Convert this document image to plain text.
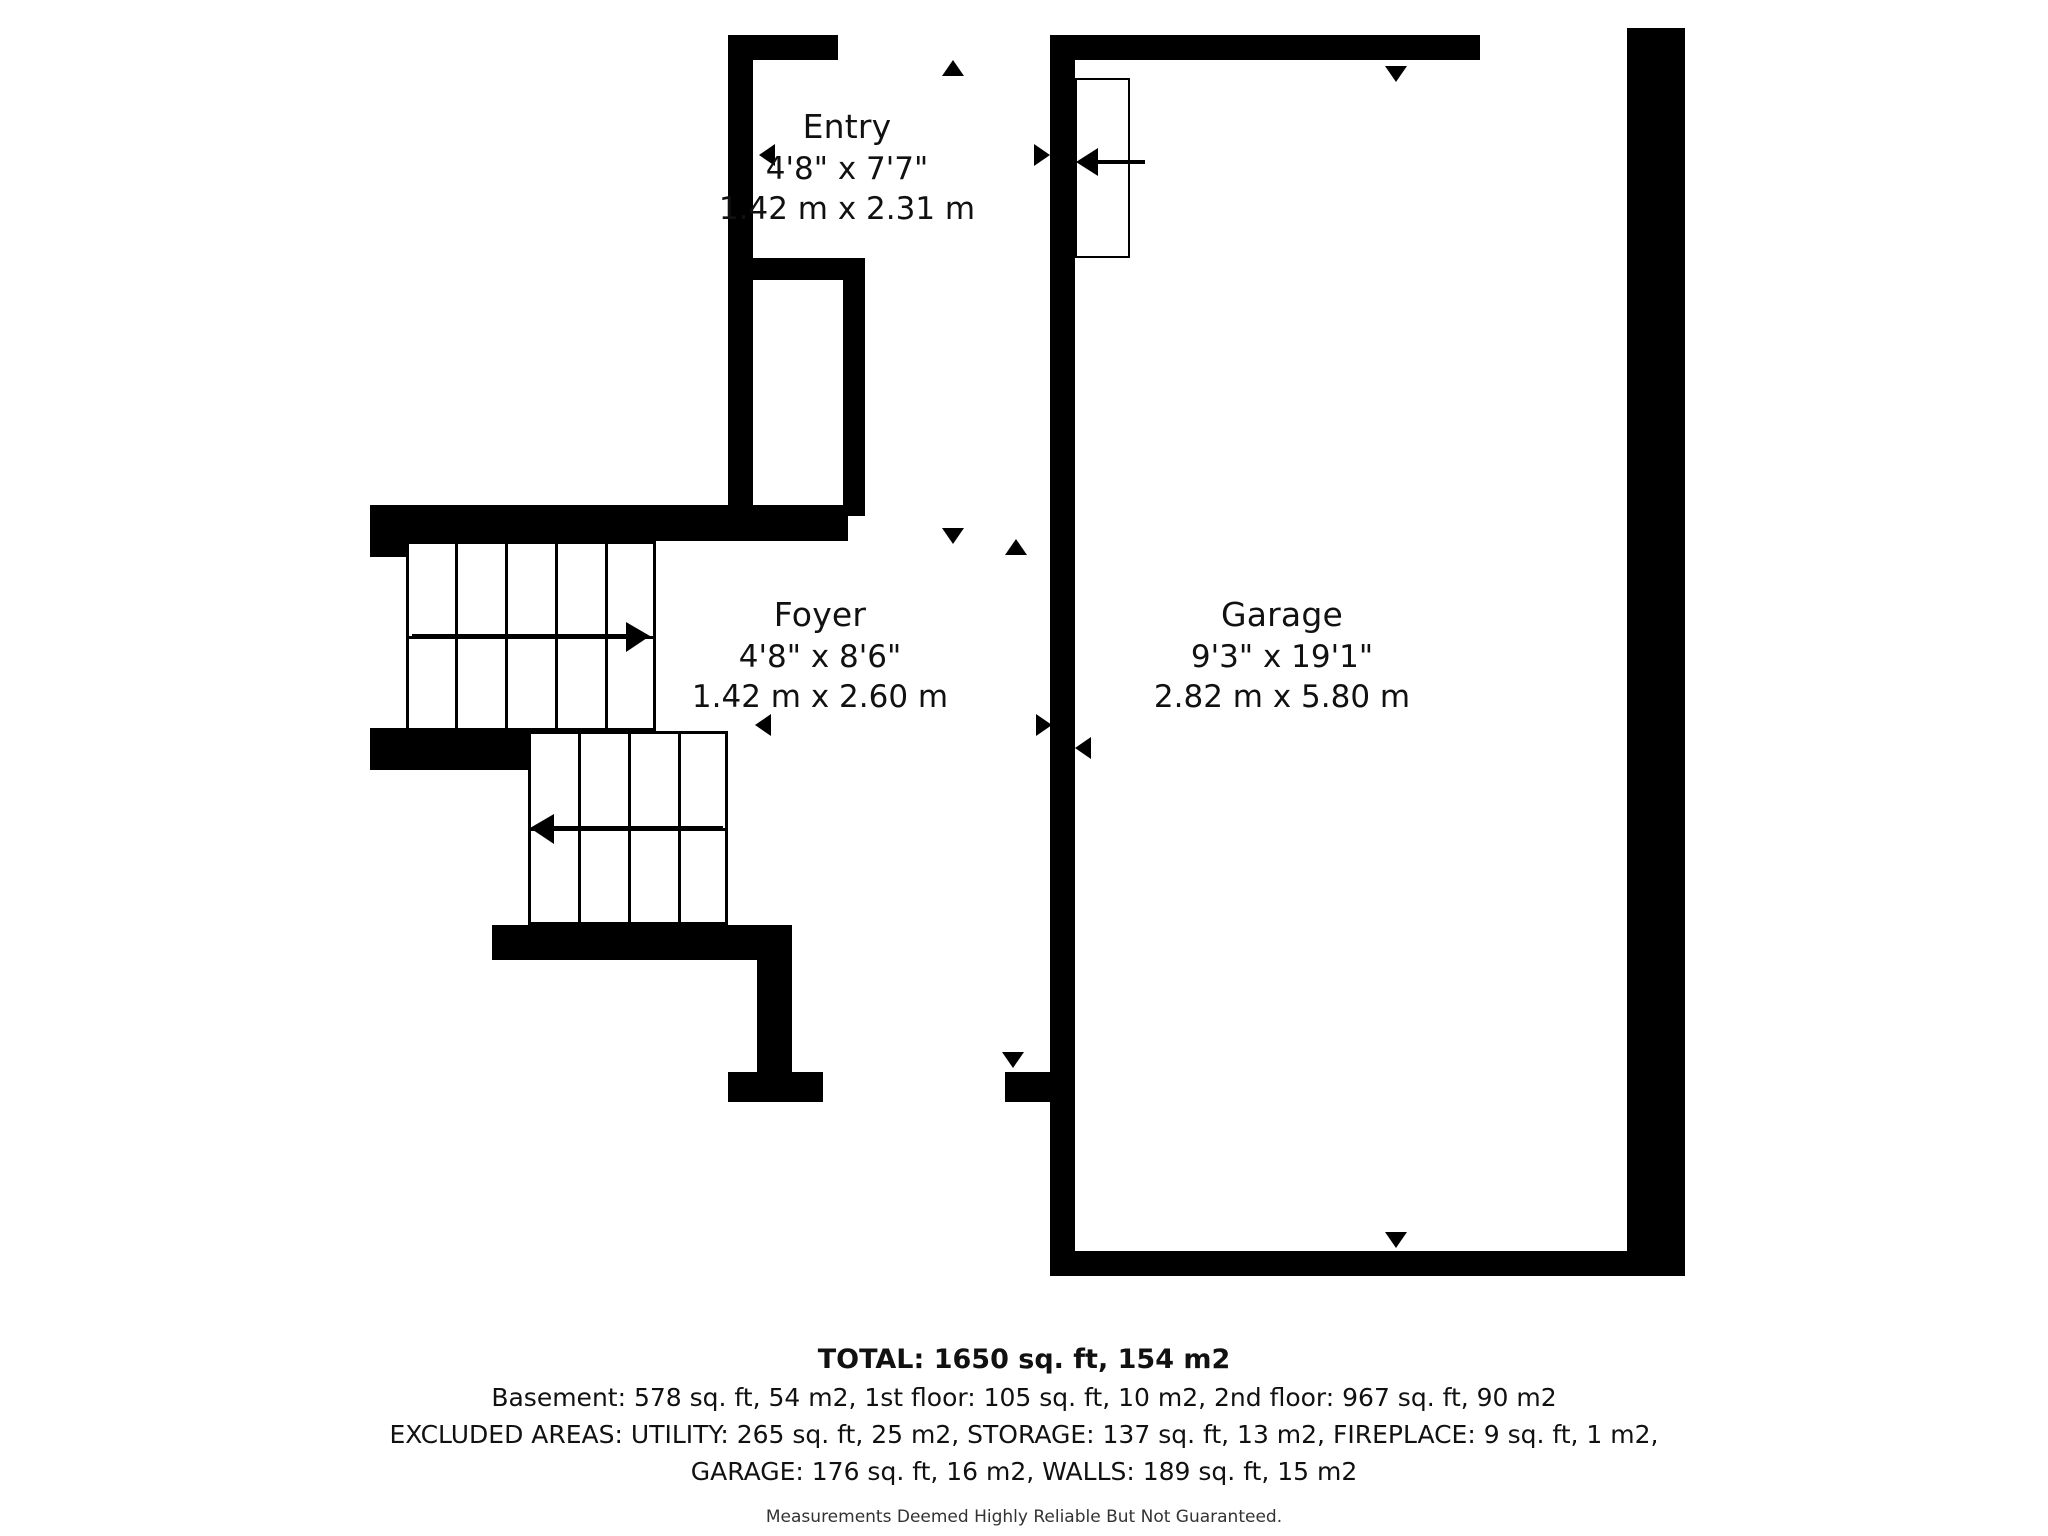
Entry
4'8" x 7'7"
1.42 m x 2.31 m
Foyer
4'8" x 8'6"
1.42 m x 2.60 m
Garage
9'3" x 19'1"
2.82 m x 5.80 m
TOTAL: 1650 sq. ft, 154 m2
Basement: 578 sq. ft, 54 m2, 1st floor: 105 sq. ft, 10 m2, 2nd floor: 967 sq. ft, 90 m2
EXCLUDED AREAS: UTILITY: 265 sq. ft, 25 m2, STORAGE: 137 sq. ft, 13 m2, FIREPLACE: 9 sq. ft, 1 m2,
GARAGE: 176 sq. ft, 16 m2, WALLS: 189 sq. ft, 15 m2
Measurements Deemed Highly Reliable But Not Guaranteed.
